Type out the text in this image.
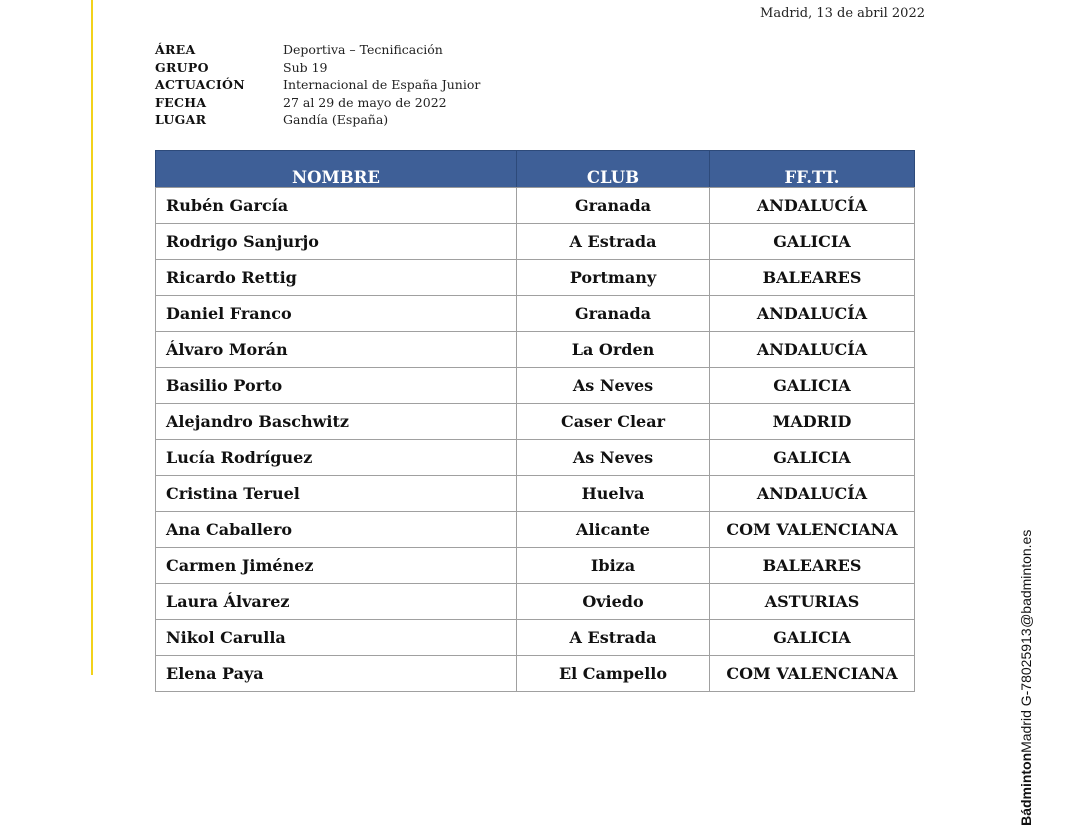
Madrid, 13 de abril 2022
ÁREA	Deportiva – Tecnificación
GRUPO	Sub 19
ACTUACIÓN	Internacional de España Junior
FECHA	27 al 29 de mayo de 2022
LUGAR	Gandía (España)
NOMBRE	CLUB	FF.TT.
Rubén García	Granada	ANDALUCÍA
Rodrigo Sanjurjo	A Estrada	GALICIA
Ricardo Rettig	Portmany	BALEARES
Daniel Franco	Granada	ANDALUCÍA
Álvaro Morán	La Orden	ANDALUCÍA
Basilio Porto	As Neves	GALICIA
Alejandro Baschwitz	Caser Clear	MADRID
Lucía Rodríguez	As Neves	GALICIA
Cristina Teruel	Huelva	ANDALUCÍA
Ana Caballero	Alicante	COM VALENCIANA
Carmen Jiménez	Ibiza	BALEARES
Laura Álvarez	Oviedo	ASTURIAS
Nikol Carulla	A Estrada	GALICIA
Elena Paya	El Campello	COM VALENCIANA
Bádminton
Madrid G-78025913
@badminton.es
